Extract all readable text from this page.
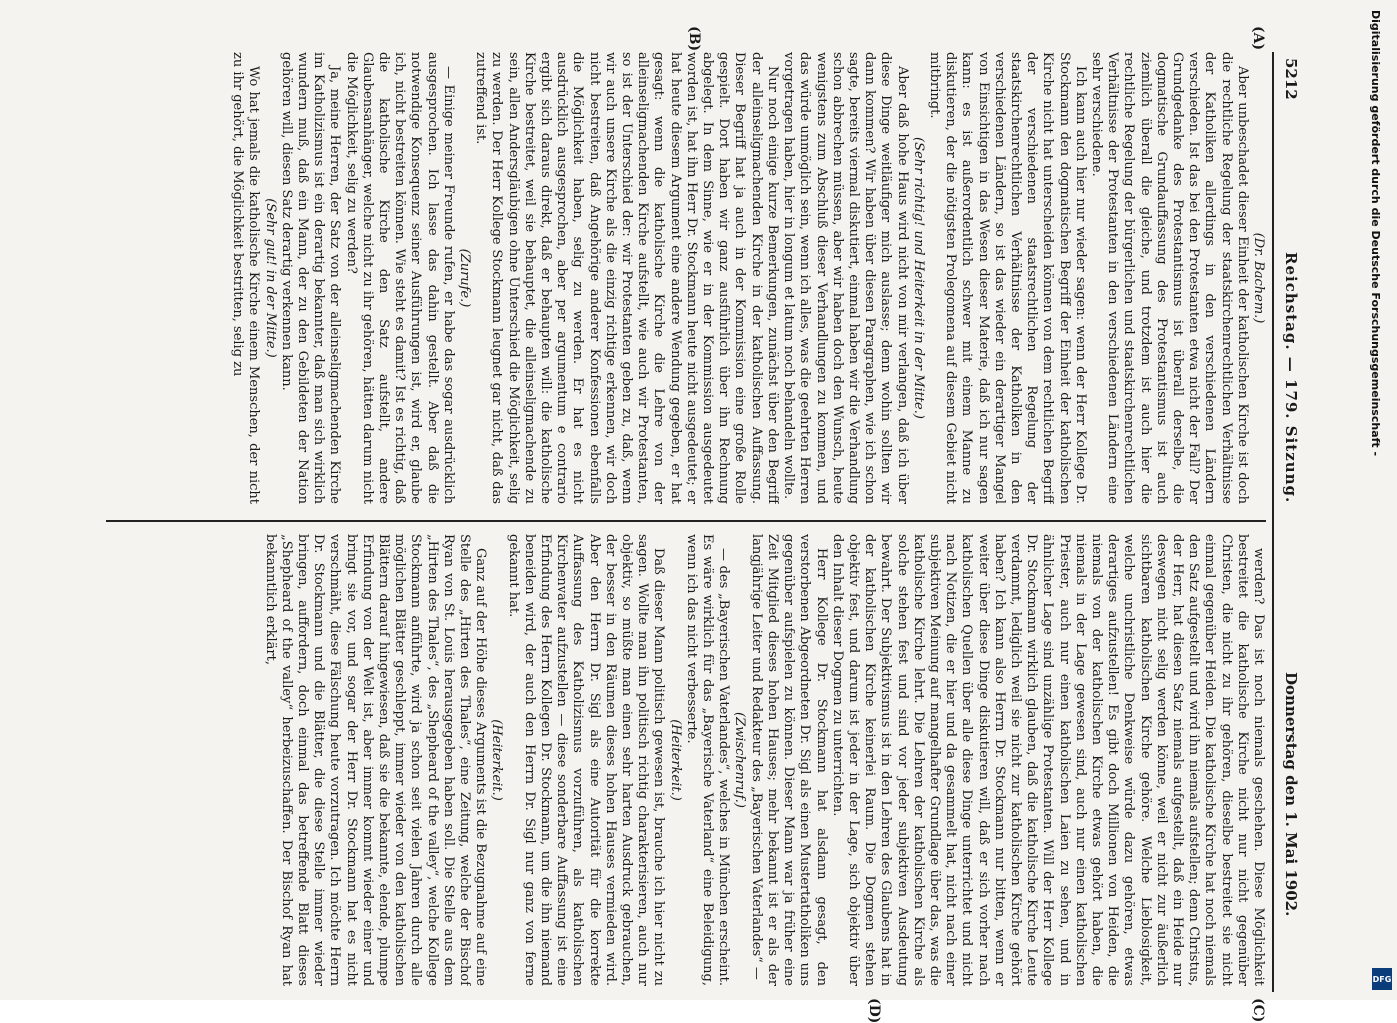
5212
Reichstag. — 179. Sitzung.
Donnerstag den 1. Mai 1902.
(A)
(B)
(C)
(D)

(Dr. Bachem.)

Aber unbeschadet dieser Einheit der katholischen Kirche ist doch die rechtliche Regelung der staatskirchenrechtlichen Verhältnisse der Katholiken allerdings in den verschiedenen Ländern verschieden. Ist das bei den Protestanten etwa nicht der Fall? Der Grundgedanke des Protestantismus ist überall derselbe, die dogmatische Grundauffassung des Protestantismus ist auch ziemlich überall die gleiche, und trotzdem ist auch hier die rechtliche Regelung der bürgerlichen und staatskirchenrechtlichen Verhältnisse der Protestanten in den verschiedenen Ländern eine sehr verschiedene.

Ich kann auch hier nur wieder sagen: wenn der Herr Kollege Dr. Stockmann den dogmatischen Begriff der Einheit der katholischen Kirche nicht hat unterscheiden können von dem rechtlichen Begriff der verschiedenen staatsrechtlichen Regelung der staatskirchenrechtlichen Verhältnisse der Katholiken in den verschiedenen Ländern, so ist das wieder ein derartiger Mangel von Einsichtigen in das Wesen dieser Materie, daß ich nur sagen kann: es ist außerordentlich schwer mit einem Manne zu diskutieren, der die nötigsten Prolegomena auf diesem Gebiet nicht mitbringt.

(Sehr richtig! und Heiterkeit in der Mitte.)

Aber daß hohe Haus wird nicht von mir verlangen, daß ich über diese Dinge weitläufiger mich auslasse; denn wohin sollten wir dann kommen? Wir haben über diesen Paragraphen, wie ich schon sagte, bereits viermal diskutiert, einmal haben wir die Verhandlung schon abbrechen müssen, aber wir haben doch den Wunsch, heute wenigstens zum Abschluß dieser Verhandlungen zu kommen, und das würde unmöglich sein, wenn ich alles, was die geehrten Herren vorgetragen haben, hier in longum et latum noch behandeln wollte.

Nur noch einige kurze Bemerkungen, zunächst über den Begriff der alleinseligmachenden Kirche in der katholischen Auffassung. Dieser Begriff hat ja auch in der Kommission eine große Rolle gespielt. Dort haben wir ganz ausführlich über ihn Rechnung abgelegt. In dem Sinne, wie er in der Kommission ausgedeutet worden ist, hat ihn Herr Dr. Stockmann heute nicht ausgedeutet; er hat heute diesem Argument eine andere Wendung gegeben, er hat gesagt: wenn die katholische Kirche die Lehre von der alleinseligmachenden Kirche aufstellt, wie auch wir Protestanten, so ist der Unterschied der: wir Protestanten geben zu, daß, wenn wir auch unsere Kirche als die einzig richtige erkennen, wir doch nicht bestreiten, daß Angehörige anderer Konfessionen ebenfalls die Möglichkeit haben, selig zu werden. Er hat es nicht ausdrücklich ausgesprochen, aber per argumentum e contrario ergibt sich daraus direkt, daß er behaupten will: die katholische Kirche bestreitet, weil sie behauptet, die alleinseligmachende zu sein, allen Andersgläubigen ohne Unterschied die Möglichkeit, selig zu werden. Der Herr Kollege Stockmann leugnet gar nicht, daß das zutreffend ist.

(Zurufe.)

— Einige meiner Freunde rufen, er habe das sogar ausdrücklich ausgesprochen. Ich lasse das dahin gestellt. Aber daß die notwendige Konsequenz seiner Ausführungen ist, wird er, glaube ich, nicht bestreiten können. Wie steht es damit? Ist es richtig, daß die katholische Kirche den Satz aufstellt, andere Glaubensanhänger, welche nicht zu ihr gehören, hätten darum nicht die Möglichkeit, selig zu werden?

Ja, meine Herren, der Satz von der alleinseligmachenden Kirche im Katholizismus ist ein derartig bekannter, daß man sich wirklich wundern muß, daß ein Mann, der zu den Gebildeten der Nation gehören will, diesen Satz derartig verkennen kann.

(Sehr gut! in der Mitte.)

Wo hat jemals die katholische Kirche einem Menschen, der nicht zu ihr gehört, die Möglichkeit bestritten, selig zu

werden? Das ist noch niemals geschehen. Diese Möglichkeit bestreitet die katholische Kirche nicht nur nicht gegenüber Christen, die nicht zu ihr gehören, dieselbe bestreitet sie nicht einmal gegenüber Heiden. Die katholische Kirche hat noch niemals den Satz aufgestellt und wird ihn niemals aufstellen; denn Christus, der Herr, hat diesen Satz niemals aufgestellt, daß ein Heide nur deswegen nicht selig werden könne, weil er nicht zur äußerlich sichtbaren katholischen Kirche gehöre. Welche Lieblosigkeit, welche unchristliche Denkweise würde dazu gehören, etwas derartiges aufzustellen! Es gibt doch Millionen von Heiden, die niemals von der katholischen Kirche etwas gehört haben, die niemals in der Lage gewesen sind, auch nur einen katholischen Priester, auch nur einen katholischen Laien zu sehen, und in ähnlicher Lage sind unzählige Protestanten. Will der Herr Kollege Dr. Stockmann wirklich glauben, daß die katholische Kirche Leute verdammt, lediglich weil sie nicht zur katholischen Kirche gehört haben? Ich kann also Herrn Dr. Stockmann nur bitten, wenn er weiter über diese Dinge diskutieren will, daß er sich vorher nach katholischen Quellen über alle diese Dinge unterrichtet und nicht nach Notizen, die er hier und da gesammelt hat, nicht nach einer subjektiven Meinung auf mangelhafter Grundlage über das, was die katholische Kirche lehrt. Die Lehren der katholischen Kirche als solche stehen fest und sind vor jeder subjektiven Ausdeutung bewahrt. Der Subjektivismus ist in den Lehren des Glaubens hat in der katholischen Kirche keinerlei Raum. Die Dogmen stehen objektiv fest, und darum ist jeder in der Lage, sich objektiv über den Inhalt dieser Dogmen zu unterrichten.

Herr Kollege Dr. Stockmann hat alsdann gesagt, den verstorbenen Abgeordneten Dr. Sigl als einen Mustertatholiken uns gegenüber aufspielen zu können. Dieser Mann war ja früher eine Zeit Mitglied dieses hohen Hauses; mehr bekannt ist er als der langjährige Leiter und Redakteur des „Bayerischen Vaterlandes“ —

(Zwischenruf.)

— des „Bayerischen Vaterlandes“, welches in München erscheint. Es wäre wirklich für das „Bayerische Vaterland“ eine Beleidigung, wenn ich das nicht verbesserte.

(Heiterkeit.)

Daß dieser Mann politisch gewesen ist, brauche ich hier nicht zu sagen. Wollte man ihn politisch richtig charakterisieren, auch nur objektiv, so müßte man einen sehr harten Ausdruck gebrauchen, der besser in den Räumen dieses hohen Hauses vermieden wird. Aber den Herrn Dr. Sigl als eine Autorität für die korrekte Auffassung des Katholizismus vorzuführen, als katholischen Kirchenvater aufzustellen — diese sonderbare Auffassung ist eine Erfindung des Herrn Kollegen Dr. Stockmann, um die ihn niemand beneiden wird, der auch den Herrn Dr. Sigl nur ganz von ferne gekannt hat.

(Heiterkeit.)

Ganz auf der Höhe dieses Arguments ist die Bezugnahme auf eine Stelle des „Hirten des Thales“, eine Zeitung, welche der Bischof Ryan von St. Louis herausgegeben haben soll. Die Stelle aus dem „Hirten des Thales“, des „Shepheard of the valley“, welche Kollege Stockmann anführte, wird ja schon seit vielen Jahren durch alle möglichen Blätter geschleppt, immer wieder von den katholischen Blättern darauf hingewiesen, daß sie die bekannte, elende, plumpe Erfindung von der Welt ist, aber immer kommt wieder einer und bringt sie vor, und sogar der Herr Dr. Stockmann hat es nicht verschmäht, diese Fälschung heute vorzutragen. Ich möchte Herrn Dr. Stockmann und die Blätter, die diese Stelle immer wieder bringen, auffordern, doch einmal das betreffende Blatt dieses „Shepheard of the valley“ herbeizuschaffen. Der Bischof Ryan hat bekanntlich erklärt,

Digitalisierung gefördert durch die Deutsche Forschungsgemeinschaft -
DFG
